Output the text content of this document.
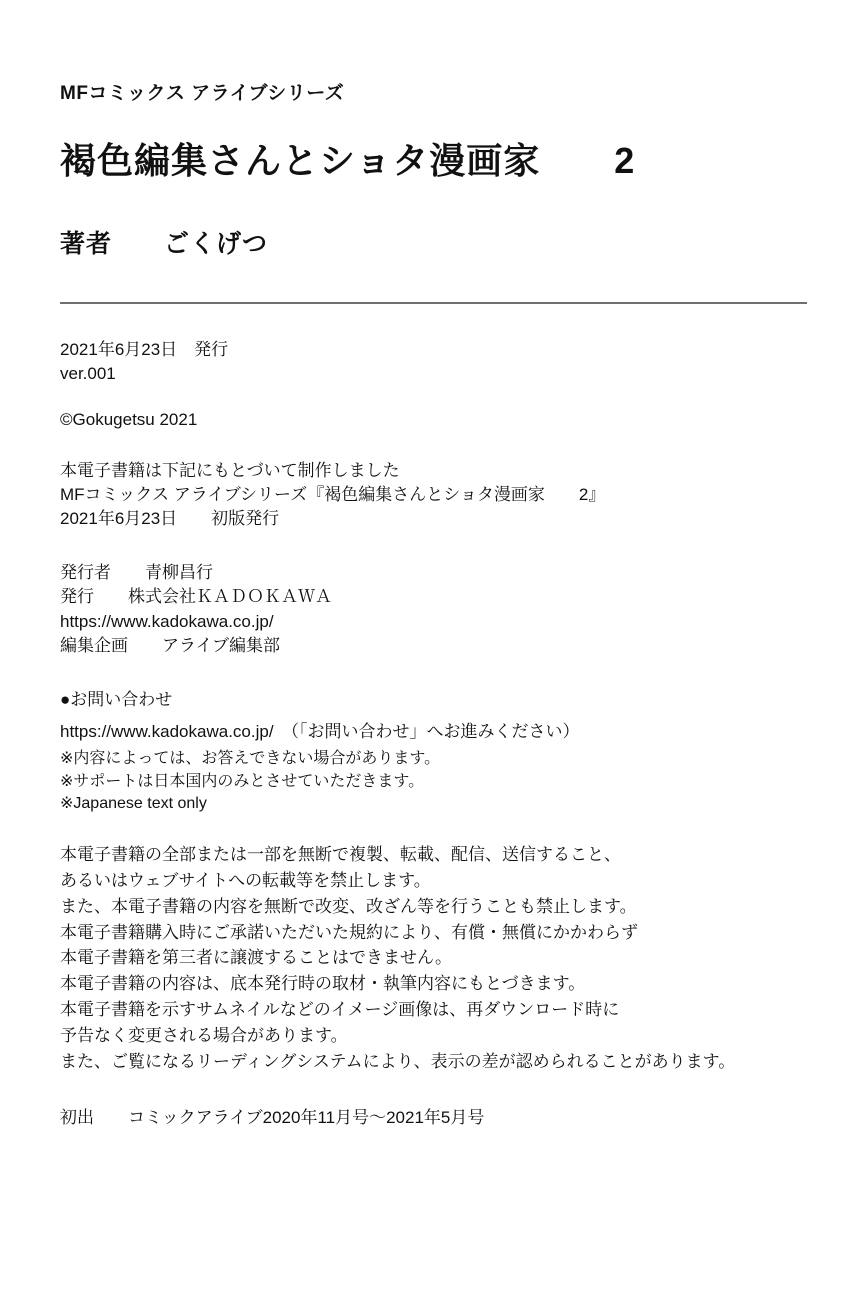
MFコミックス アライブシリーズ
褐色編集さんとショタ漫画家　　2
著者　　ごくげつ

2021年6月23日　発行

ver.001

©Gokugetsu 2021

本電子書籍は下記にもとづいて制作しました

MFコミックス アライブシリーズ『褐色編集さんとショタ漫画家　　2』

2021年6月23日　　初版発行

発行者　　青柳昌行

発行　　株式会社ＫＡＤＯＫＡＷＡ

https://www.kadokawa.co.jp/

編集企画　　アライブ編集部

●お問い合わせ

https://www.kadokawa.co.jp/　（「お問い合わせ」へお進みください）

※内容によっては、お答えできない場合があります。

※サポートは日本国内のみとさせていただきます。

※Japanese text only

本電子書籍の全部または一部を無断で複製、転載、配信、送信すること、

あるいはウェブサイトへの転載等を禁止します。

また、本電子書籍の内容を無断で改変、改ざん等を行うことも禁止します。

本電子書籍購入時にご承諾いただいた規約により、有償・無償にかかわらず

本電子書籍を第三者に譲渡することはできません。

本電子書籍の内容は、底本発行時の取材・執筆内容にもとづきます。

本電子書籍を示すサムネイルなどのイメージ画像は、再ダウンロード時に

予告なく変更される場合があります。

また、ご覧になるリーディングシステムにより、表示の差が認められることがあります。

初出　　コミックアライブ2020年11月号〜2021年5月号
